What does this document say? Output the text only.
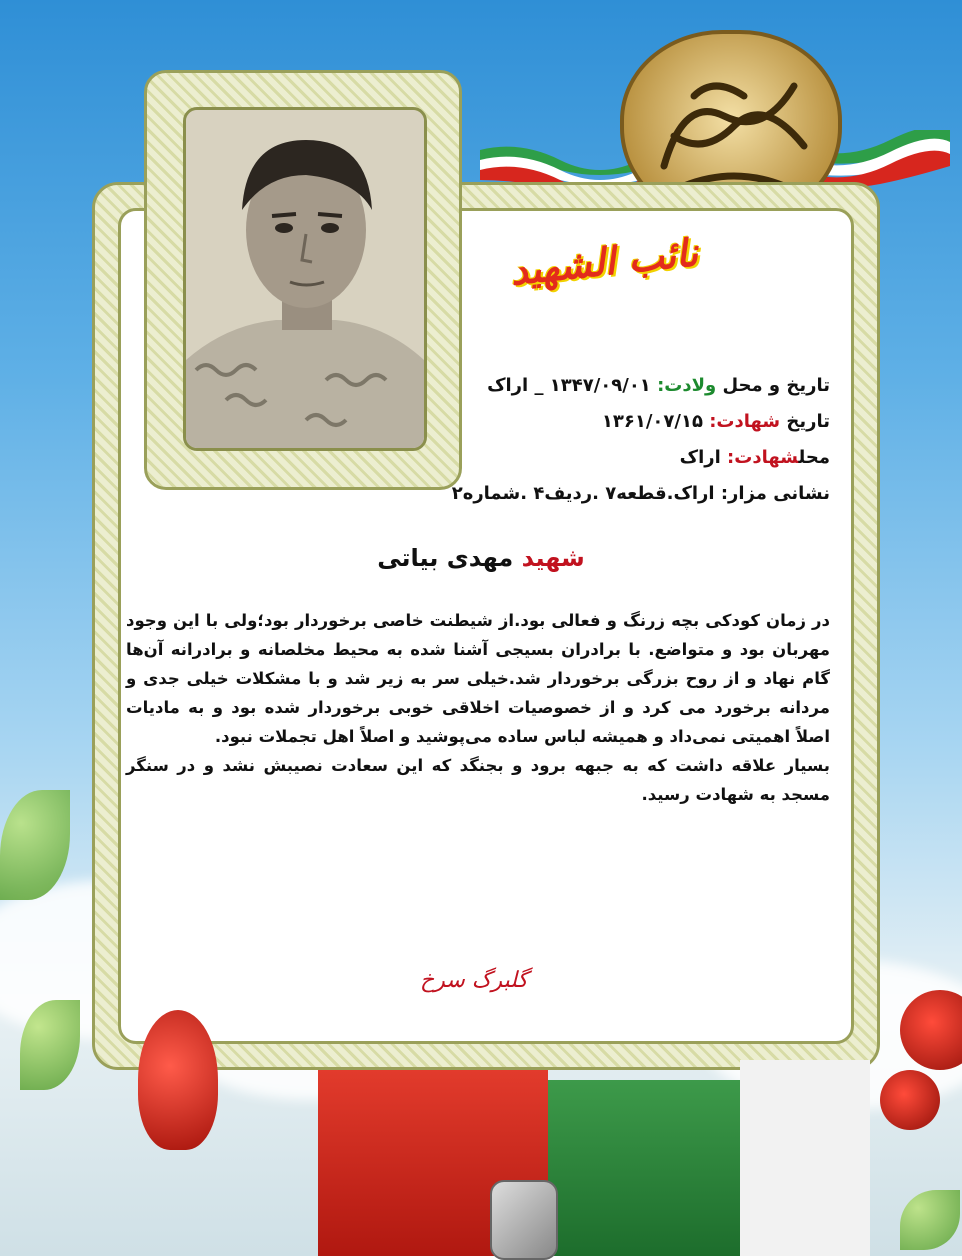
نائب الشهید
تاریخ و محل ولادت: ۱۳۴۷/۰۹/۰۱ _ اراک
تاریخ شهادت: ۱۳۶۱/۰۷/۱۵
محلشهادت: اراک
نشانی مزار: اراک.قطعه۷ .ردیف۴ .شماره۲
شهید مهدی بیاتی

در زمان کودکی بچه زرنگ و فعالی بود.از شیطنت خاصی برخوردار بود؛ولی با این وجود مهربان بود و متواضع. با برادران بسیجی آشنا شده به محیط مخلصانه و برادرانه آن‌ها گام نهاد و از روح بزرگی برخوردار شد.خیلی سر به زیر شد و با مشکلات خیلی جدی و مردانه برخورد می کرد و از خصوصیات اخلاقی خوبی برخوردار شده بود و به مادیات اصلاً اهمیتی نمی‌داد و همیشه لباس ساده می‌پوشید و اصلاً اهل تجملات نبود.

بسیار علاقه داشت که به جبهه برود و بجنگد که این سعادت نصیبش نشد و در سنگر مسجد به شهادت رسید.

گلبرگ سرخ
